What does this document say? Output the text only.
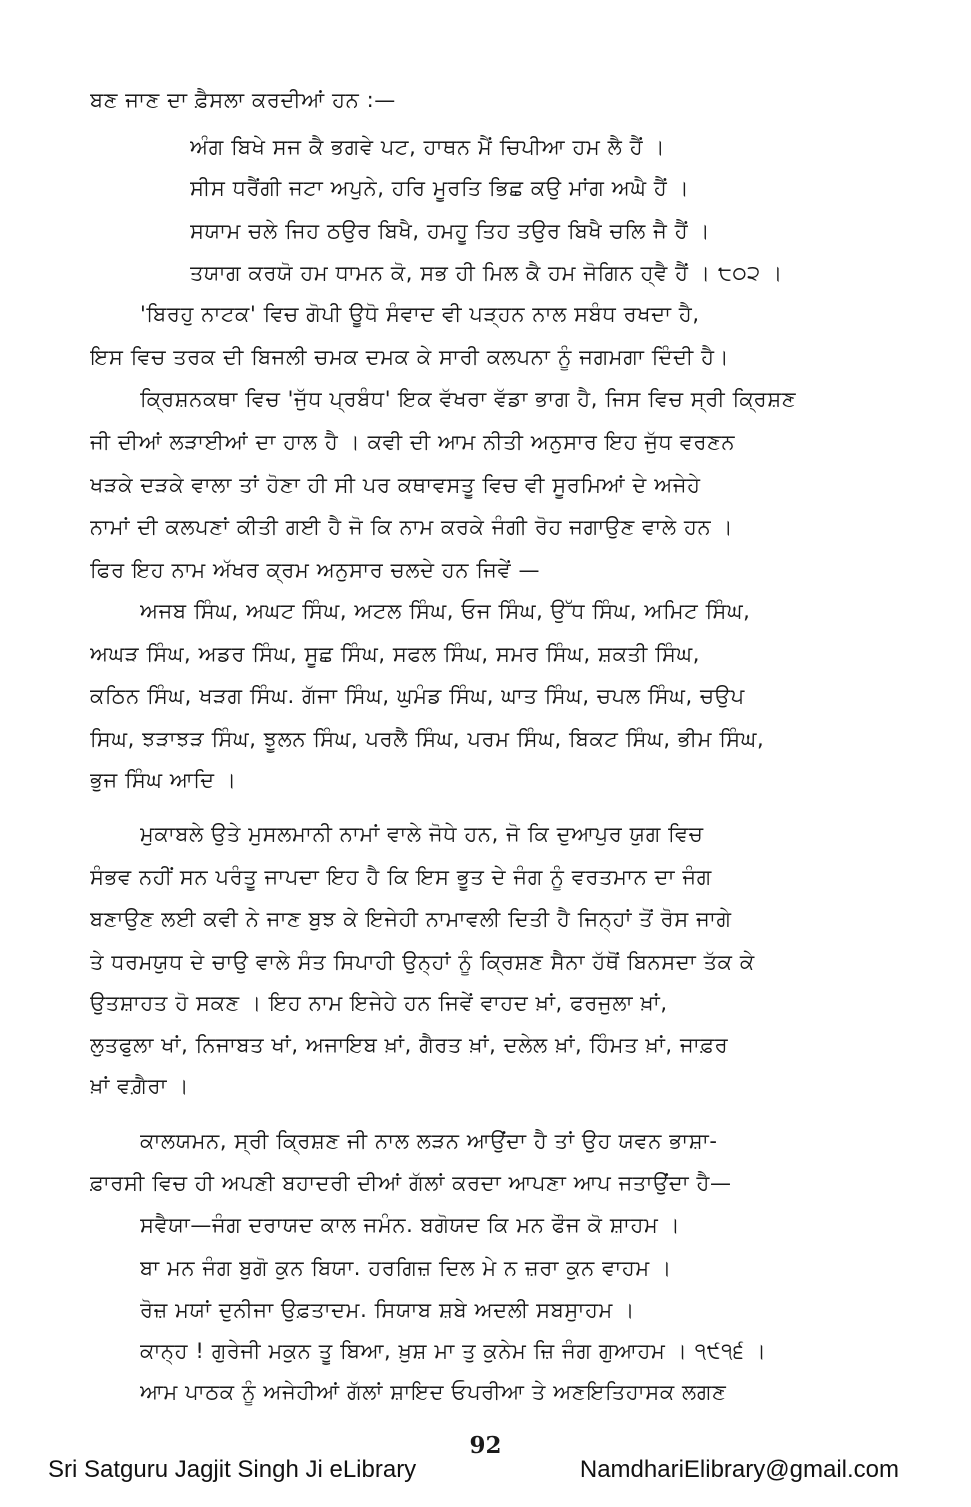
ਬਣ ਜਾਣ ਦਾ ਫ਼ੈਸਲਾ ਕਰਦੀਆਂ ਹਨ :—
ਅੰਗ ਬਿਖੇ ਸਜ ਕੈ ਭਗਵੇ ਪਟ, ਹਾਥਨ ਮੈਂ ਚਿਪੀਆ ਹਮ ਲੈ ਹੈਂ ।
ਸੀਸ ਧਰੈਂਗੀ ਜਟਾ ਅਪੁਨੇ, ਹਰਿ ਮੂਰਤਿ ਭਿਛ ਕਉ ਮਾਂਗ ਅਘੈ ਹੈਂ ।
ਸਯਾਮ ਚਲੇ ਜਿਹ ਠਉਰ ਬਿਖੈ, ਹਮਹੂ ਤਿਹ ਤਉਰ ਬਿਖੈ ਚਲਿ ਜੈ ਹੈਂ ।
ਤਯਾਗ ਕਰਯੋ ਹਮ ਧਾਮਨ ਕੋ, ਸਭ ਹੀ ਮਿਲ ਕੈ ਹਮ ਜੋਗਿਨ ਹ੍ਵੈ ਹੈਂ । ੮੦੨ ।
'ਬਿਰਹੁ ਨਾਟਕ' ਵਿਚ ਗੋਪੀ ਊਧੋ ਸੰਵਾਦ ਵੀ ਪੜ੍ਹਨ ਨਾਲ ਸਬੰਧ ਰਖਦਾ ਹੈ,
ਇਸ ਵਿਚ ਤਰਕ ਦੀ ਬਿਜਲੀ ਚਮਕ ਦਮਕ ਕੇ ਸਾਰੀ ਕਲਪਨਾ ਨੂੰ ਜਗਮਗਾ ਦਿੰਦੀ ਹੈ।
ਕ੍ਰਿਸ਼ਨਕਥਾ ਵਿਚ 'ਜੁੱਧ ਪ੍ਰਬੰਧ' ਇਕ ਵੱਖਰਾ ਵੱਡਾ ਭਾਗ ਹੈ, ਜਿਸ ਵਿਚ ਸ੍ਰੀ ਕ੍ਰਿਸ਼ਣ
ਜੀ ਦੀਆਂ ਲੜਾਈਆਂ ਦਾ ਹਾਲ ਹੈ । ਕਵੀ ਦੀ ਆਮ ਨੀਤੀ ਅਨੁਸਾਰ ਇਹ ਜੁੱਧ ਵਰਣਨ
ਖੜਕੇ ਦੜਕੇ ਵਾਲਾ ਤਾਂ ਹੋਣਾ ਹੀ ਸੀ ਪਰ ਕਥਾਵਸਤੂ ਵਿਚ ਵੀ ਸੂਰਮਿਆਂ ਦੇ ਅਜੇਹੇ
ਨਾਮਾਂ ਦੀ ਕਲਪਣਾਂ ਕੀਤੀ ਗਈ ਹੈ ਜੋ ਕਿ ਨਾਮ ਕਰਕੇ ਜੰਗੀ ਰੋਹ ਜਗਾਉਣ ਵਾਲੇ ਹਨ ।
ਫਿਰ ਇਹ ਨਾਮ ਅੱਖਰ ਕ੍ਰਮ ਅਨੁਸਾਰ ਚਲਦੇ ਹਨ ਜਿਵੇਂ —
ਅਜਬ ਸਿੰਘ, ਅਘਟ ਸਿੰਘ, ਅਟਲ ਸਿੰਘ, ਓਜ ਸਿੰਘ, ਉੱਧ ਸਿੰਘ, ਅਮਿਟ ਸਿੰਘ,
ਅਘੜ ਸਿੰਘ, ਅਡਰ ਸਿੰਘ, ਸੂਛ ਸਿੰਘ, ਸਫਲ ਸਿੰਘ, ਸਮਰ ਸਿੰਘ, ਸ਼ਕਤੀ ਸਿੰਘ,
ਕਠਿਨ ਸਿੰਘ, ਖੜਗ ਸਿੰਘ. ਗੱਜਾ ਸਿੰਘ, ਘੁਮੰਡ ਸਿੰਘ, ਘਾਤ ਸਿੰਘ, ਚਪਲ ਸਿੰਘ, ਚਉਪ
ਸਿਘ, ਝੜਾਝੜ ਸਿੰਘ, ਝੂਲਨ ਸਿੰਘ, ਪਰਲੈ ਸਿੰਘ, ਪਰਮ ਸਿੰਘ, ਬਿਕਟ ਸਿੰਘ, ਭੀਮ ਸਿੰਘ,
ਭੁਜ ਸਿੰਘ ਆਦਿ ।
ਮੁਕਾਬਲੇ ਉਤੇ ਮੁਸਲਮਾਨੀ ਨਾਮਾਂ ਵਾਲੇ ਜੋਧੇ ਹਨ, ਜੋ ਕਿ ਦੁਆਪੁਰ ਯੁਗ ਵਿਚ
ਸੰਭਵ ਨਹੀਂ ਸਨ ਪਰੰਤੂ ਜਾਪਦਾ ਇਹ ਹੈ ਕਿ ਇਸ ਭੂਤ ਦੇ ਜੰਗ ਨੂੰ ਵਰਤਮਾਨ ਦਾ ਜੰਗ
ਬਣਾਉਣ ਲਈ ਕਵੀ ਨੇ ਜਾਣ ਬੁਝ ਕੇ ਇਜੇਹੀ ਨਾਮਾਵਲੀ ਦਿਤੀ ਹੈ ਜਿਨ੍ਹਾਂ ਤੋਂ ਰੋਸ ਜਾਗੇ
ਤੇ ਧਰਮਯੁਧ ਦੇ ਚਾਉ ਵਾਲੇ ਸੰਤ ਸਿਪਾਹੀ ਉਨ੍ਹਾਂ ਨੂੰ ਕ੍ਰਿਸ਼ਣ ਸੈਨਾ ਹੱਥੋਂ ਬਿਨਸਦਾ ਤੱਕ ਕੇ
ਉਤਸ਼ਾਹਤ ਹੋ ਸਕਣ । ਇਹ ਨਾਮ ਇਜੇਹੇ ਹਨ ਜਿਵੇਂ ਵਾਹਦ ਖ਼ਾਂ, ਫਰਜੁਲਾ ਖ਼ਾਂ,
ਲੁਤਫੁਲਾ ਖਾਂ, ਨਿਜਾਬਤ ਖਾਂ, ਅਜਾਇਬ ਖ਼ਾਂ, ਗੈਰਤ ਖ਼ਾਂ, ਦਲੇਲ ਖ਼ਾਂ, ਹਿੰਮਤ ਖ਼ਾਂ, ਜਾਫ਼ਰ
ਖ਼ਾਂ ਵਗ਼ੈਰਾ ।
ਕਾਲਯਮਨ, ਸ੍ਰੀ ਕ੍ਰਿਸ਼ਣ ਜੀ ਨਾਲ ਲੜਨ ਆਉਂਦਾ ਹੈ ਤਾਂ ਉਹ ਯਵਨ ਭਾਸ਼ਾ-
ਫ਼ਾਰਸੀ ਵਿਚ ਹੀ ਅਪਣੀ ਬਹਾਦਰੀ ਦੀਆਂ ਗੱਲਾਂ ਕਰਦਾ ਆਪਣਾ ਆਪ ਜਤਾਉਂਦਾ ਹੈ—
ਸਵੈਯਾ—ਜੰਗ ਦਰਾਯਦ ਕਾਲ ਜਮੰਨ. ਬਗੋਯਦ ਕਿ ਮਨ ਫੌਜ ਕੋ ਸ਼ਾਹਮ ।
ਬਾ ਮਨ ਜੰਗ ਬੁਗੋ ਕੁਨ ਬਿਯਾ. ਹਰਗਿਜ਼ ਦਿਲ ਮੇ ਨ ਜ਼ਰਾ ਕੁਨ ਵਾਹਮ ।
ਰੋਜ਼ ਮਯਾਂ ਦੁਨੀਜਾ ਉਫ਼ਤਾਦਮ. ਸਿਯਾਬ ਸ਼ਬੇ ਅਦਲੀ ਸਬਸੁਾਹਮ ।
ਕਾਨ੍ਹ ! ਗੁਰੇਜੀ ਮਕੁਨ ਤੂ ਬਿਆ, ਖ਼ੁਸ਼ ਮਾ ਤੁ ਕੁਨੇਮ ਜ਼ਿ ਜੰਗ ਗੁਆਹਮ । ੧੯੧੬ ।
ਆਮ ਪਾਠਕ ਨੂੰ ਅਜੇਹੀਆਂ ਗੱਲਾਂ ਸ਼ਾਇਦ ਓਪਰੀਆ ਤੇ ਅਣਇਤਿਹਾਸਕ ਲਗਣ
92
Sri Satguru Jagjit Singh Ji eLibrary	NamdhariElibrary@gmail.com
